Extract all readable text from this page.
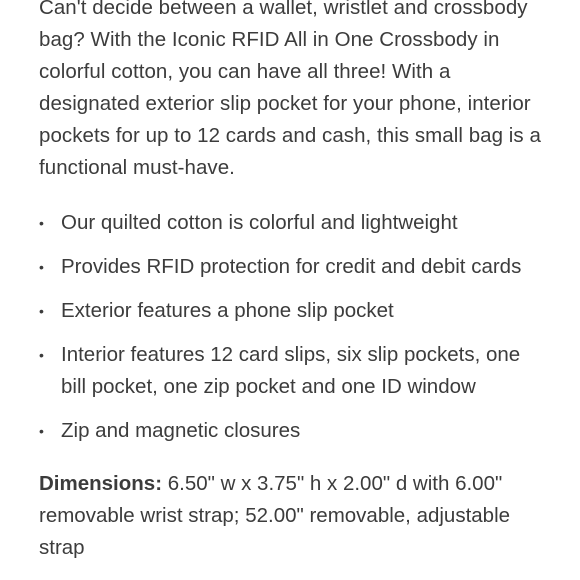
Can't decide between a wallet, wristlet and crossbody bag? With the Iconic RFID All in One Crossbody in colorful cotton, you can have all three! With a designated exterior slip pocket for your phone, interior pockets for up to 12 cards and cash, this small bag is a functional must-have.

• Our quilted cotton is colorful and lightweight
• Provides RFID protection for credit and debit cards
• Exterior features a phone slip pocket
• Interior features 12 card slips, six slip pockets, one bill pocket, one zip pocket and one ID window
• Zip and magnetic closures

Dimensions: 6.50" w x 3.75" h x 2.00" d with 6.00" removable wrist strap; 52.00" removable, adjustable strap
